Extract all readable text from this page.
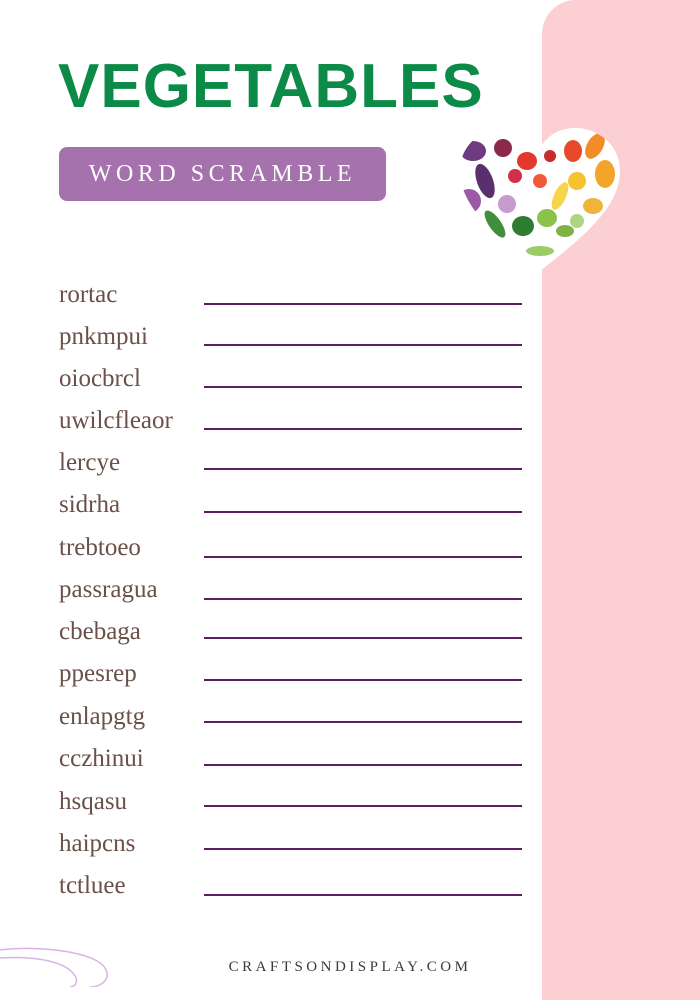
VEGETABLES
WORD SCRAMBLE
rortac
pnkmpui
oiocbrcl
uwilcfleaor
lercye
sidrha
trebtoeo
passragua
cbebaga
ppesrep
enlapgtg
cczhinui
hsqasu
haipcns
tctluee
CRAFTSONDISPLAY.COM
